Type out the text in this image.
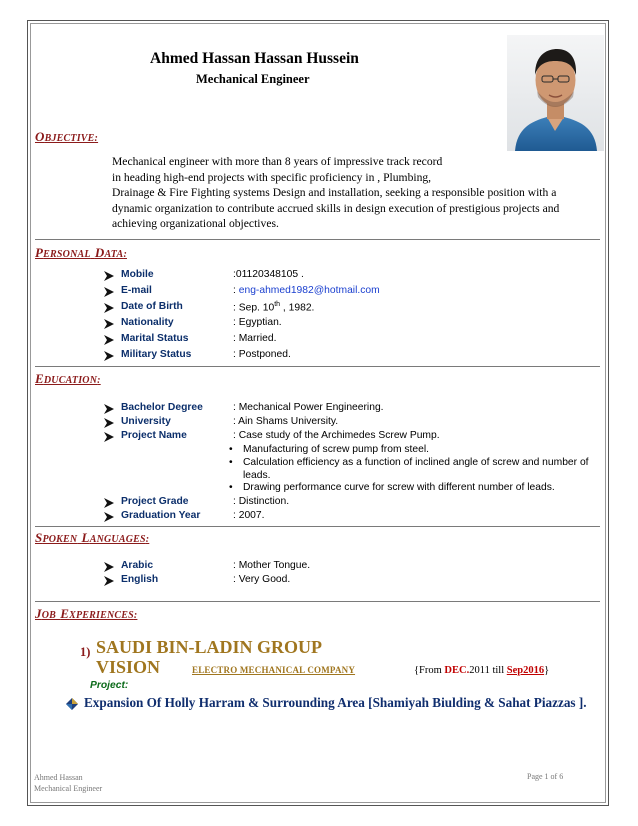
Ahmed Hassan Hassan Hussein
Mechanical Engineer
OBJECTIVE:
Mechanical engineer with more than 8 years of impressive track record
in heading high-end projects with specific proficiency in , Plumbing,
Drainage & Fire Fighting systems Design and installation, seeking a responsible position with a
dynamic organization to contribute accrued skills in design execution of prestigious projects and
achieving organizational objectives.
PERSONAL DATA:
Mobile	:01120348105 .
E-mail	: eng-ahmed1982@hotmail.com
Date of Birth	: Sep. 10th , 1982.
Nationality	: Egyptian.
Marital Status	: Married.
Military Status	: Postponed.
EDUCATION:
Bachelor Degree	: Mechanical Power Engineering.
University	: Ain Shams University.
Project Name	: Case study of the Archimedes Screw Pump.
• Manufacturing of screw pump from steel.
• Calculation efficiency as a function of inclined angle of screw and number of leads.
• Drawing performance curve for screw with different number of leads.
Project Grade	: Distinction.
Graduation Year	: 2007.
SPOKEN LANGUAGES:
Arabic	: Mother Tongue.
English	: Very Good.
JOB EXPERIENCES:
1) SAUDI BIN-LADIN GROUP
VISION	ELECTRO MECHANICAL COMPANY	{From DEC.2011 till Sep2016}
Project:
Expansion Of Holly Harram & Surrounding Area [Shamiyah Biulding & Sahat Piazzas ].
Ahmed Hassan
Mechanical Engineer
Page 1 of 6
